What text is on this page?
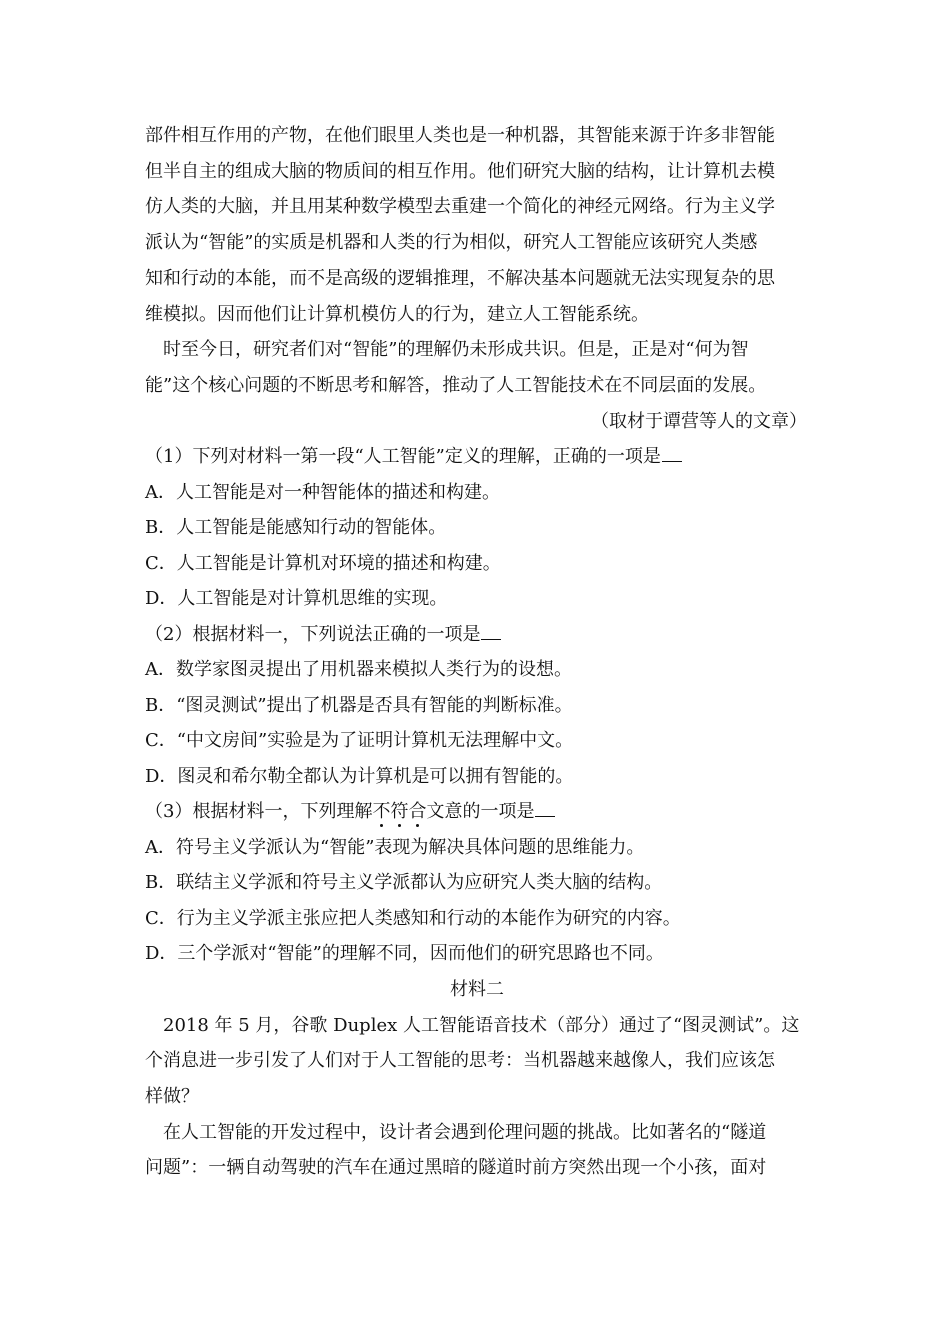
部件相互作用的产物，在他们眼里人类也是一种机器，其智能来源于许多非智能

但半自主的组成大脑的物质间的相互作用。他们研究大脑的结构，让计算机去模

仿人类的大脑，并且用某种数学模型去重建一个简化的神经元网络。行为主义学

派认为“智能”的实质是机器和人类的行为相似，研究人工智能应该研究人类感

知和行动的本能，而不是高级的逻辑推理，不解决基本问题就无法实现复杂的思

维模拟。因而他们让计算机模仿人的行为，建立人工智能系统。

时至今日，研究者们对“智能”的理解仍未形成共识。但是，正是对“何为智

能”这个核心问题的不断思考和解答，推动了人工智能技术在不同层面的发展。

（取材于谭营等人的文章）

（1）下列对材料一第一段“人工智能”定义的理解，正确的一项是

A．人工智能是对一种智能体的描述和构建。

B．人工智能是能感知行动的智能体。

C．人工智能是计算机对环境的描述和构建。

D．人工智能是对计算机思维的实现。

（2）根据材料一，下列说法正确的一项是

A．数学家图灵提出了用机器来模拟人类行为的设想。

B．“图灵测试”提出了机器是否具有智能的判断标准。

C．“中文房间”实验是为了证明计算机无法理解中文。

D．图灵和希尔勒全都认为计算机是可以拥有智能的。

（3）根据材料一，下列理解不符合文意的一项是

A．符号主义学派认为“智能”表现为解决具体问题的思维能力。

B．联结主义学派和符号主义学派都认为应研究人类大脑的结构。

C．行为主义学派主张应把人类感知和行动的本能作为研究的内容。

D．三个学派对“智能”的理解不同，因而他们的研究思路也不同。

材料二

2018 年 5 月，谷歌 Duplex 人工智能语音技术（部分）通过了“图灵测试”。这

个消息进一步引发了人们对于人工智能的思考：当机器越来越像人，我们应该怎

样做？

在人工智能的开发过程中，设计者会遇到伦理问题的挑战。比如著名的“隧道

问题”：一辆自动驾驶的汽车在通过黑暗的隧道时前方突然出现一个小孩，面对
